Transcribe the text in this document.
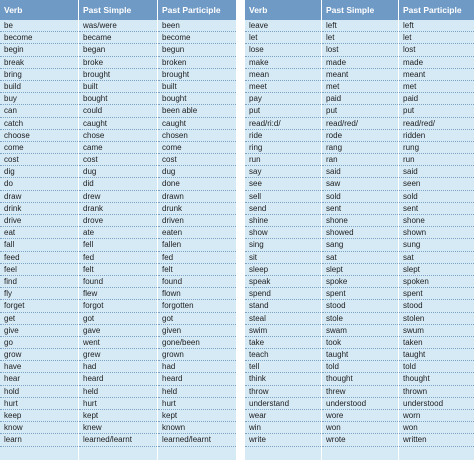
Verb
be
become
begin
break
bring
build
buy
can
catch
choose
come
cost
dig
do
draw
drink
drive
eat
fall
feed
feel
find
fly
forget
get
give
go
grow
have
hear
hold
hurt
keep
know
learn
Past Simple
was/were
became
began
broke
brought
built
bought
could
caught
chose
came
cost
dug
did
drew
drank
drove
ate
fell
fed
felt
found
flew
forgot
got
gave
went
grew
had
heard
held
hurt
kept
knew
learned/learnt
Past Participle
been
become
begun
broken
brought
built
bought
been able
caught
chosen
come
cost
dug
done
drawn
drunk
driven
eaten
fallen
fed
felt
found
flown
forgotten
got
given
gone/been
grown
had
heard
held
hurt
kept
known
learned/learnt
Verb
leave
let
lose
make
mean
meet
pay
put
read/ri:d/
ride
ring
run
say
see
sell
send
shine
show
sing
sit
sleep
speak
spend
stand
steal
swim
take
teach
tell
think
throw
understand
wear
win
write
Past Simple
left
let
lost
made
meant
met
paid
put
read/red/
rode
rang
ran
said
saw
sold
sent
shone
showed
sang
sat
slept
spoke
spent
stood
stole
swam
took
taught
told
thought
threw
understood
wore
won
wrote
Past Participle
left
let
lost
made
meant
met
paid
put
read/red/
ridden
rung
run
said
seen
sold
sent
shone
shown
sung
sat
slept
spoken
spent
stood
stolen
swum
taken
taught
told
thought
thrown
understood
worn
won
written
